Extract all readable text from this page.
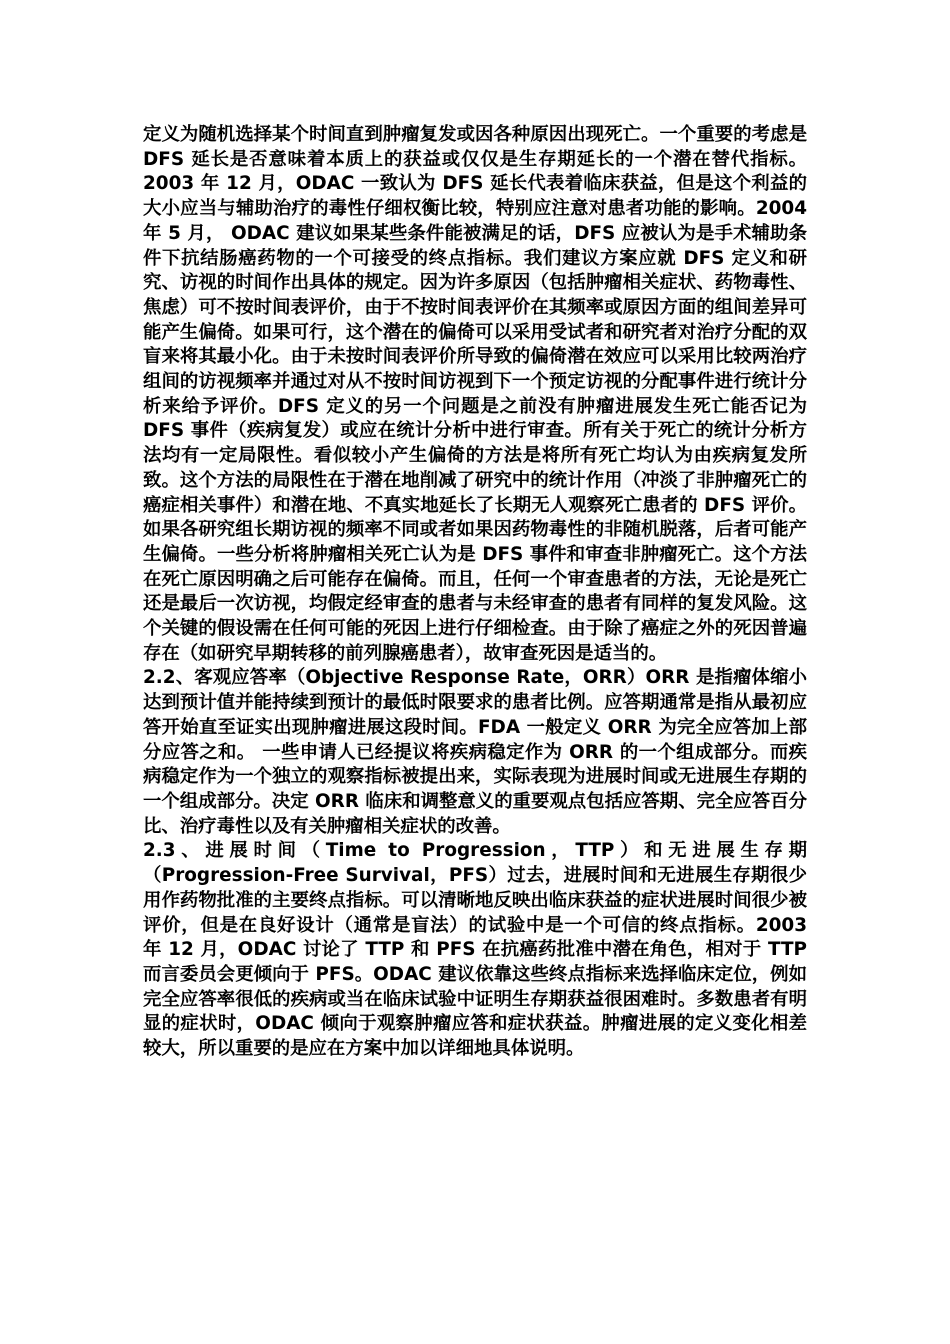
定义为随机选择某个时间直到肿瘤复发或因各种原因出现死亡。一个重要的考虑是 DFS 延长是否意味着本质上的获益或仅仅是生存期延长的一个潜在替代指标。2003 年 12 月，ODAC 一致认为 DFS 延长代表着临床获益，但是这个利益的大小应当与辅助治疗的毒性仔细权衡比较，特别应注意对患者功能的影响。2004 年 5 月， ODAC 建议如果某些条件能被满足的话，DFS 应被认为是手术辅助条件下抗结肠癌药物的一个可接受的终点指标。我们建议方案应就 DFS 定义和研究、访视的时间作出具体的规定。因为许多原因（包括肿瘤相关症状、药物毒性、焦虑）可不按时间表评价，由于不按时间表评价在其频率或原因方面的组间差异可能产生偏倚。如果可行，这个潜在的偏倚可以采用受试者和研究者对治疗分配的双盲来将其最小化。由于未按时间表评价所导致的偏倚潜在效应可以采用比较两治疗组间的访视频率并通过对从不按时间访视到下一个预定访视的分配事件进行统计分析来给予评价。DFS 定义的另一个问题是之前没有肿瘤进展发生死亡能否记为 DFS 事件（疾病复发）或应在统计分析中进行审查。所有关于死亡的统计分析方法均有一定局限性。看似较小产生偏倚的方法是将所有死亡均认为由疾病复发所致。这个方法的局限性在于潜在地削减了研究中的统计作用（冲淡了非肿瘤死亡的癌症相关事件）和潜在地、不真实地延长了长期无人观察死亡患者的 DFS 评价。如果各研究组长期访视的频率不同或者如果因药物毒性的非随机脱落，后者可能产生偏倚。一些分析将肿瘤相关死亡认为是 DFS 事件和审查非肿瘤死亡。这个方法在死亡原因明确之后可能存在偏倚。而且，任何一个审查患者的方法，无论是死亡还是最后一次访视，均假定经审查的患者与未经审查的患者有同样的复发风险。这个关键的假设需在任何可能的死因上进行仔细检查。由于除了癌症之外的死因普遍存在（如研究早期转移的前列腺癌患者），故审查死因是适当的。

2.2、客观应答率（Objective Response Rate，ORR）ORR 是指瘤体缩小达到预计值并能持续到预计的最低时限要求的患者比例。应答期通常是指从最初应答开始直至证实出现肿瘤进展这段时间。FDA 一般定义 ORR 为完全应答加上部分应答之和。 一些申请人已经提议将疾病稳定作为 ORR 的一个组成部分。而疾病稳定作为一个独立的观察指标被提出来，实际表现为进展时间或无进展生存期的一个组成部分。决定 ORR 临床和调整意义的重要观点包括应答期、完全应答百分比、治疗毒性以及有关肿瘤相关症状的改善。

2.3、进展时间（Time to Progression，TTP）和无进展生存期（Progression-Free Survival，PFS）过去，进展时间和无进展生存期很少用作药物批准的主要终点指标。可以清晰地反映出临床获益的症状进展时间很少被评价，但是在良好设计（通常是盲法）的试验中是一个可信的终点指标。2003 年 12 月，ODAC 讨论了 TTP 和 PFS 在抗癌药批准中潜在角色，相对于 TTP 而言委员会更倾向于 PFS。ODAC 建议依靠这些终点指标来选择临床定位，例如完全应答率很低的疾病或当在临床试验中证明生存期获益很困难时。多数患者有明显的症状时，ODAC 倾向于观察肿瘤应答和症状获益。肿瘤进展的定义变化相差较大，所以重要的是应在方案中加以详细地具体说明。
